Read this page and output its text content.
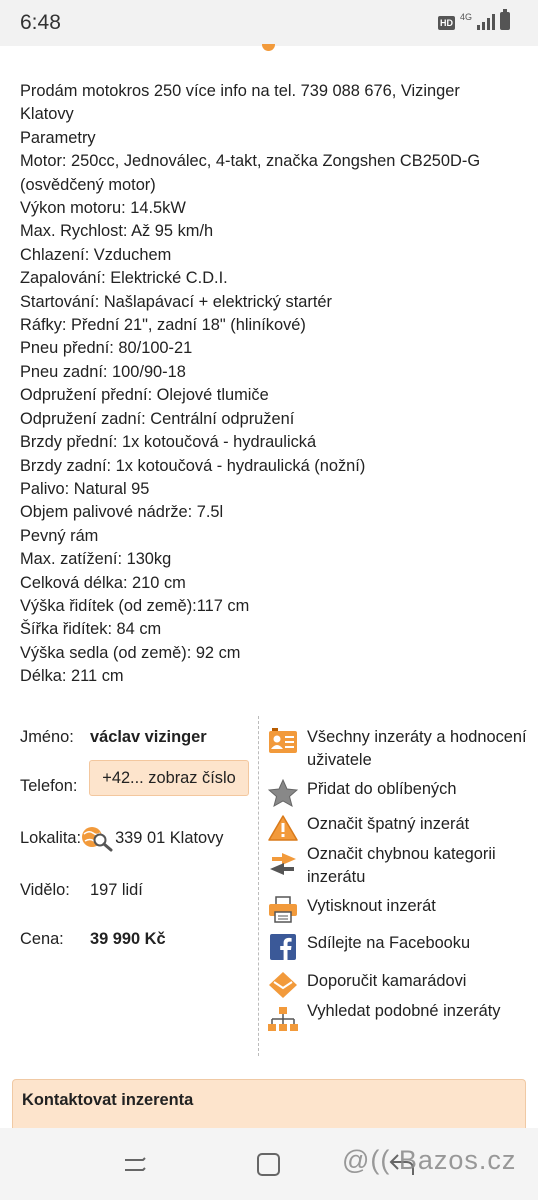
6:48	HD
4G
Prodám motokros 250 více info na tel. 739 088 676, Vizinger
Klatovy
Parametry
Motor: 250cc, Jednoválec, 4-takt, značka Zongshen CB250D-G
(osvědčený motor)
Výkon motoru: 14.5kW
Max. Rychlost: Až 95 km/h
Chlazení: Vzduchem
Zapalování: Elektrické C.D.I.
Startování: Našlapávací + elektrický startér
Ráfky: Přední 21", zadní 18" (hliníkové)
Pneu přední: 80/100-21
Pneu zadní: 100/90-18
Odpružení přední: Olejové tlumiče
Odpružení zadní: Centrální odpružení
Brzdy přední: 1x kotoučová - hydraulická
Brzdy zadní: 1x kotoučová - hydraulická (nožní)
Palivo: Natural 95
Objem palivové nádrže: 7.5l
Pevný rám
Max. zatížení: 130kg
Celková délka: 210 cm
Výška řidítek (od země):117 cm
Šířka řidítek: 84 cm
Výška sedla (od země): 92 cm
Délka: 211 cm
Jméno: václav vizinger
Telefon:	+42... zobraz číslo
Lokalita: 339 01 Klatovy
Vidělo:	197 lidí
Cena:	39 990 Kč
Všechny inzeráty a hodnocení uživatele
Přidat do oblíbených
Označit špatný inzerát
Označit chybnou kategorii inzerátu
Vytisknout inzerát
Sdílejte na Facebooku
Doporučit kamarádovi
Vyhledat podobné inzeráty
Kontaktovat inzerenta
@(( Bazos.cz
